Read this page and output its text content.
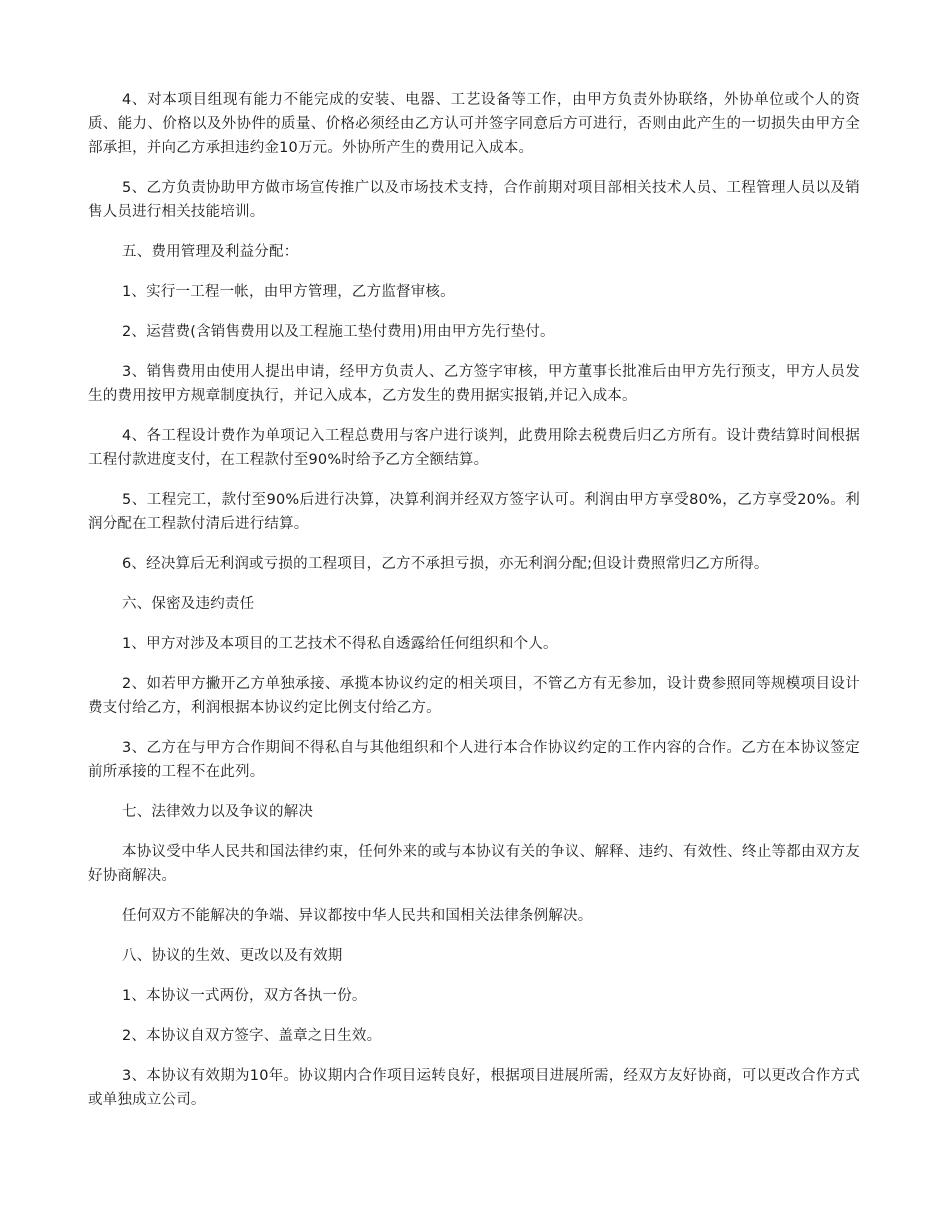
4、对本项目组现有能力不能完成的安装、电器、工艺设备等工作，由甲方负责外协联络，外协单位或个人的资质、能力、价格以及外协件的质量、价格必须经由乙方认可并签字同意后方可进行，否则由此产生的一切损失由甲方全部承担，并向乙方承担违约金10万元。外协所产生的费用记入成本。

5、乙方负责协助甲方做市场宣传推广以及市场技术支持，合作前期对项目部相关技术人员、工程管理人员以及销售人员进行相关技能培训。

五、费用管理及利益分配：

1、实行一工程一帐，由甲方管理，乙方监督审核。

2、运营费(含销售费用以及工程施工垫付费用)用由甲方先行垫付。

3、销售费用由使用人提出申请，经甲方负责人、乙方签字审核，甲方董事长批准后由甲方先行预支，甲方人员发生的费用按甲方规章制度执行，并记入成本，乙方发生的费用据实报销,并记入成本。

4、各工程设计费作为单项记入工程总费用与客户进行谈判，此费用除去税费后归乙方所有。设计费结算时间根据工程付款进度支付，在工程款付至90%时给予乙方全额结算。

5、工程完工，款付至90%后进行决算，决算利润并经双方签字认可。利润由甲方享受80%，乙方享受20%。利润分配在工程款付清后进行结算。

6、经决算后无利润或亏损的工程项目，乙方不承担亏损，亦无利润分配;但设计费照常归乙方所得。

六、保密及违约责任

1、甲方对涉及本项目的工艺技术不得私自透露给任何组织和个人。

2、如若甲方撇开乙方单独承接、承揽本协议约定的相关项目，不管乙方有无参加，设计费参照同等规模项目设计费支付给乙方，利润根据本协议约定比例支付给乙方。

3、乙方在与甲方合作期间不得私自与其他组织和个人进行本合作协议约定的工作内容的合作。乙方在本协议签定前所承接的工程不在此列。

七、法律效力以及争议的解决

本协议受中华人民共和国法律约束，任何外来的或与本协议有关的争议、解释、违约、有效性、终止等都由双方友好协商解决。

任何双方不能解决的争端、异议都按中华人民共和国相关法律条例解决。

八、协议的生效、更改以及有效期

1、本协议一式两份，双方各执一份。

2、本协议自双方签字、盖章之日生效。

3、本协议有效期为10年。协议期内合作项目运转良好，根据项目进展所需，经双方友好协商，可以更改合作方式或单独成立公司。
